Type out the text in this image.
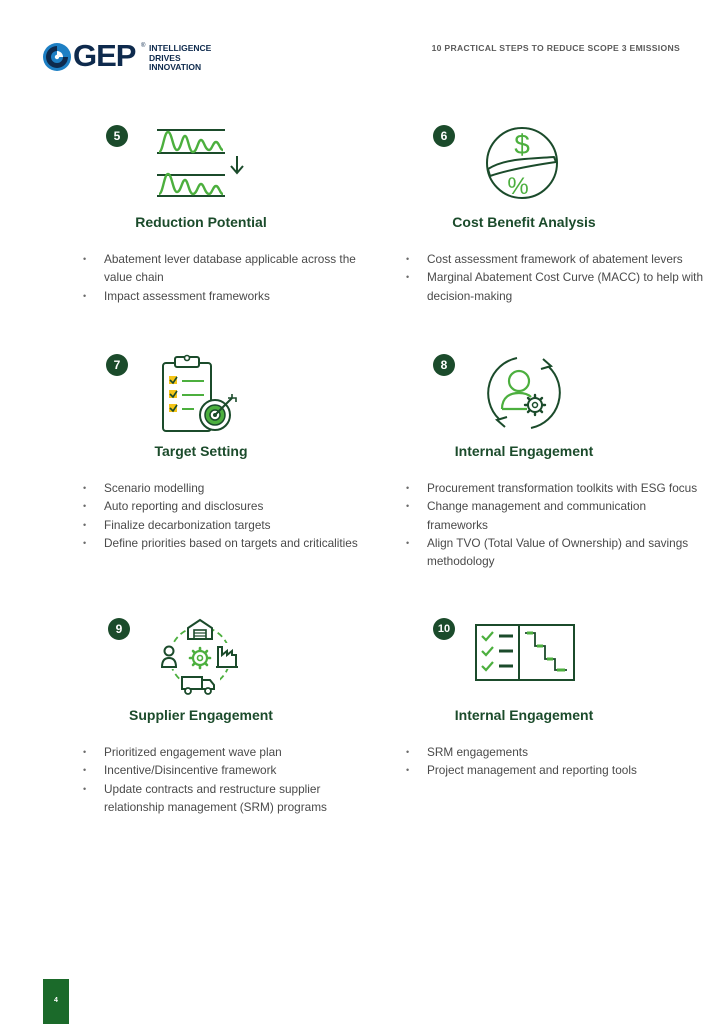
GEP ® INTELLIGENCE
DRIVES
INNOVATION
10 PRACTICAL STEPS TO REDUCE SCOPE 3 EMISSIONS
5
Reduction Potential
• Abatement lever database applicable across the value chain
• Impact assessment frameworks
6 $
%
Cost Benefit Analysis
• Cost assessment framework of abatement levers
• Marginal Abatement Cost Curve (MACC) to help with decision-making
7
Target Setting
• Scenario modelling
• Auto reporting and disclosures
• Finalize decarbonization targets
• Define priorities based on targets and criticalities
8
Internal Engagement
• Procurement transformation toolkits with ESG focus
• Change management and communication frameworks
• Align TVO (Total Value of Ownership) and savings methodology
9
Supplier Engagement
• Prioritized engagement wave plan
• Incentive/Disincentive framework
• Update contracts and restructure supplier relationship management (SRM) programs
10
Internal Engagement
• SRM engagements
• Project management and reporting tools
4
